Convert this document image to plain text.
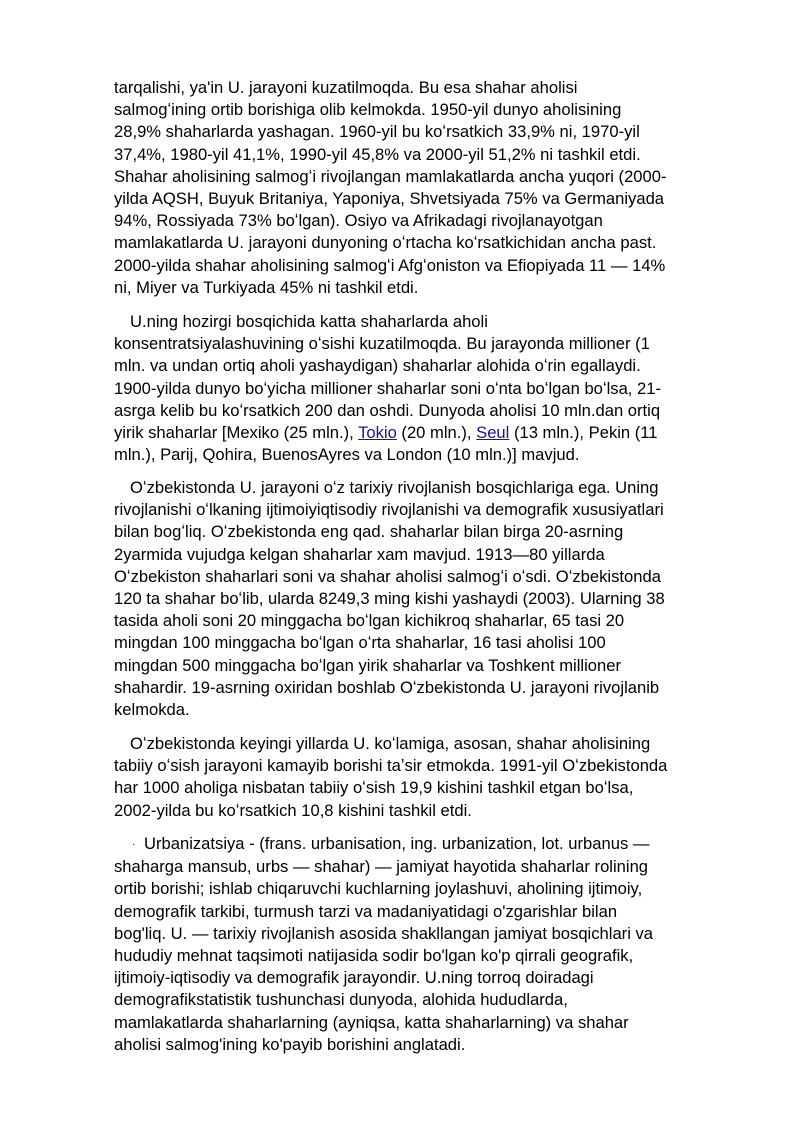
tarqalishi, ya'in U. jarayoni kuzatilmoqda. Bu esa shahar aholisi
salmogʻining ortib borishiga olib kelmokda. 1950-yil dunyo aholisining
28,9% shaharlarda yashagan. 1960-yil bu koʻrsatkich 33,9% ni, 1970-yil
37,4%, 1980-yil 41,1%, 1990-yil 45,8% va 2000-yil 51,2% ni tashkil etdi.
Shahar aholisining salmogʻi rivojlangan mamlakatlarda ancha yuqori (2000-
yilda AQSH, Buyuk Britaniya, Yaponiya, Shvetsiyada 75% va Germaniyada
94%, Rossiyada 73% boʻlgan). Osiyo va Afrikadagi rivojlanayotgan
mamlakatlarda U. jarayoni dunyoning oʻrtacha koʻrsatkichidan ancha past.
2000-yilda shahar aholisining salmogʻi Afgʻoniston va Efiopiyada 11 — 14%
ni, Miyer va Turkiyada 45% ni tashkil etdi.

U.ning hozirgi bosqichida katta shaharlarda aholi
konsentratsiyalashuvining oʻsishi kuzatilmoqda. Bu jarayonda millioner (1
mln. va undan ortiq aholi yashaydigan) shaharlar alohida oʻrin egallaydi.
1900-yilda dunyo boʻyicha millioner shaharlar soni oʻnta boʻlgan boʻlsa, 21-
asrga kelib bu koʻrsatkich 200 dan oshdi. Dunyoda aholisi 10 mln.dan ortiq
yirik shaharlar [Mexiko (25 mln.), Tokio (20 mln.), Seul (13 mln.), Pekin (11
mln.), Parij, Qohira, BuenosAyres va London (10 mln.)] mavjud.

Oʻzbekistonda U. jarayoni oʻz tarixiy rivojlanish bosqichlariga ega. Uning
rivojlanishi oʻlkaning ijtimoiyiqtisodiy rivojlanishi va demografik xususiyatlari
bilan bogʻliq. Oʻzbekistonda eng qad. shaharlar bilan birga 20-asrning
2yarmida vujudga kelgan shaharlar xam mavjud. 1913—80 yillarda
Oʻzbekiston shaharlari soni va shahar aholisi salmogʻi oʻsdi. Oʻzbekistonda
120 ta shahar boʻlib, ularda 8249,3 ming kishi yashaydi (2003). Ularning 38
tasida aholi soni 20 minggacha boʻlgan kichikroq shaharlar, 65 tasi 20
mingdan 100 minggacha boʻlgan oʻrta shaharlar, 16 tasi aholisi 100
mingdan 500 minggacha boʻlgan yirik shaharlar va Toshkent millioner
shahardir. 19-asrning oxiridan boshlab Oʻzbekistonda U. jarayoni rivojlanib
kelmokda.

Oʻzbekistonda keyingi yillarda U. koʻlamiga, asosan, shahar aholisining
tabiiy oʻsish jarayoni kamayib borishi taʼsir etmokda. 1991-yil Oʻzbekistonda
har 1000 aholiga nisbatan tabiiy oʻsish 19,9 kishini tashkil etgan boʻlsa,
2002-yilda bu koʻrsatkich 10,8 kishini tashkil etdi.

· Urbanizatsiya - (frans. urbanisation, ing. urbanization, lot. urbanus —
shaharga mansub, urbs — shahar) — jamiyat hayotida shaharlar rolining
ortib borishi; ishlab chiqaruvchi kuchlarning joylashuvi, aholining ijtimoiy,
demografik tarkibi, turmush tarzi va madaniyatidagi o'zgarishlar bilan
bog'liq. U. — tarixiy rivojlanish asosida shakllangan jamiyat bosqichlari va
hududiy mehnat taqsimoti natijasida sodir bo'lgan ko'p qirrali geografik,
ijtimoiy-iqtisodiy va demografik jarayondir. U.ning torroq doiradagi
demografikstatistik tushunchasi dunyoda, alohida hududlarda,
mamlakatlarda shaharlarning (ayniqsa, katta shaharlarning) va shahar
aholisi salmog'ining ko'payib borishini anglatadi.
